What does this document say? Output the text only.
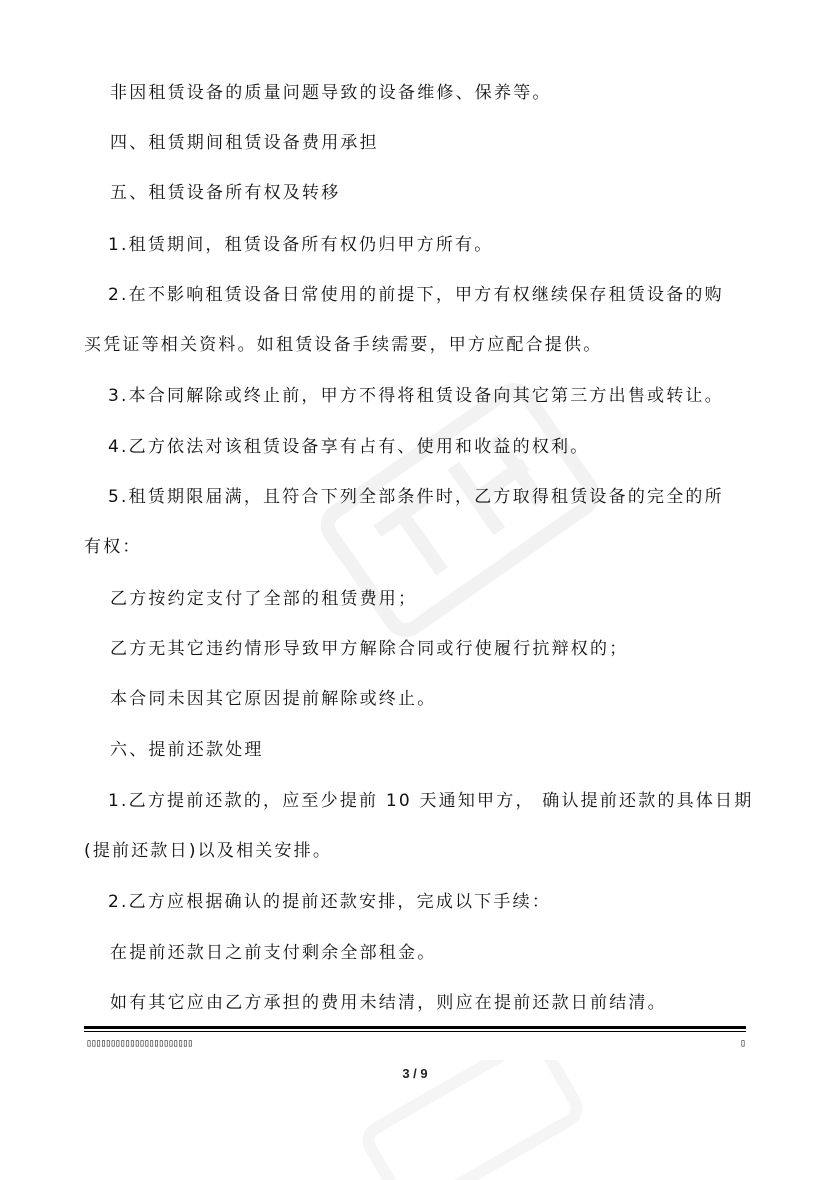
非因租赁设备的质量问题导致的设备维修、保养等。
四、租赁期间租赁设备费用承担
五、租赁设备所有权及转移
1.租赁期间，租赁设备所有权仍归甲方所有。
2.在不影响租赁设备日常使用的前提下，甲方有权继续保存租赁设备的购
买凭证等相关资料。如租赁设备手续需要，甲方应配合提供。
3.本合同解除或终止前，甲方不得将租赁设备向其它第三方出售或转让。
4.乙方依法对该租赁设备享有占有、使用和收益的权利。
5.租赁期限届满，且符合下列全部条件时，乙方取得租赁设备的完全的所
有权：
乙方按约定支付了全部的租赁费用；
乙方无其它违约情形导致甲方解除合同或行使履行抗辩权的；
本合同未因其它原因提前解除或终止。
六、提前还款处理
1.乙方提前还款的，应至少提前 10 天通知甲方， 确认提前还款的具体日期
(提前还款日)以及相关安排。
2.乙方应根据确认的提前还款安排，完成以下手续：
在提前还款日之前支付剩余全部租金。
如有其它应由乙方承担的费用未结清，则应在提前还款日前结清。
▯▯▯▯▯▯▯▯▯▯▯▯▯▯▯▯▯▯▯▯▯▯	▯
3 / 9
